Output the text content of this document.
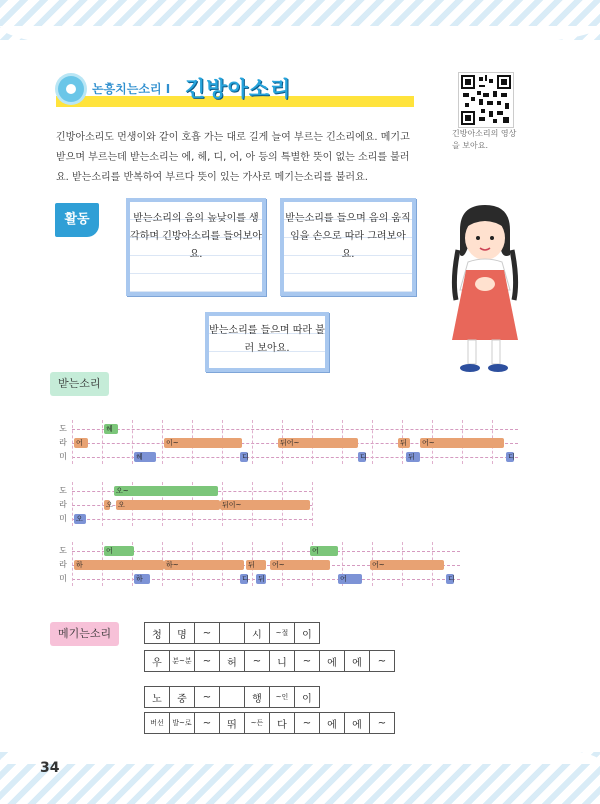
논흥치는소리 I 긴방아소리
긴방아소리의 영상을 보아요.
긴방아소리도 먼생이와 같이 호흡 가는 대로 길게 늘여 부르는 긴소리에요. 메기고 받으며 부르는데 받는소리는 에, 헤, 디, 어, 아 등의 특별한 뜻이 없는 소리를 불러요. 받는소리를 반복하여 부르다 뜻이 있는 가사로 메기는소리를 불러요.
활동	받는소리의 음의 높낮이를 생각하며 긴방아소리를 들어보아요.
받는소리를 들으며 음의 움직임을 손으로 따라 그려보아요.
받는소리를 들으며 따라 불러 보아요.
받는소리
도
라
미
헤
어
헤
이~
디
뒤어~
디
뒤
뒤
어~
디
도
라
미
오
오
오~
오	뒤이~
도
라
미
하
어
하
하~
디
뒤
뒤
어~
어
어
어~
디
메기는소리	청	명	~		시	~절	이
우	분~분	~	허	~	니	~	에	에	~
노	중	~		행	~인	이
버선	발~로	~	뛰	~든	다	~	에	에	~
34
